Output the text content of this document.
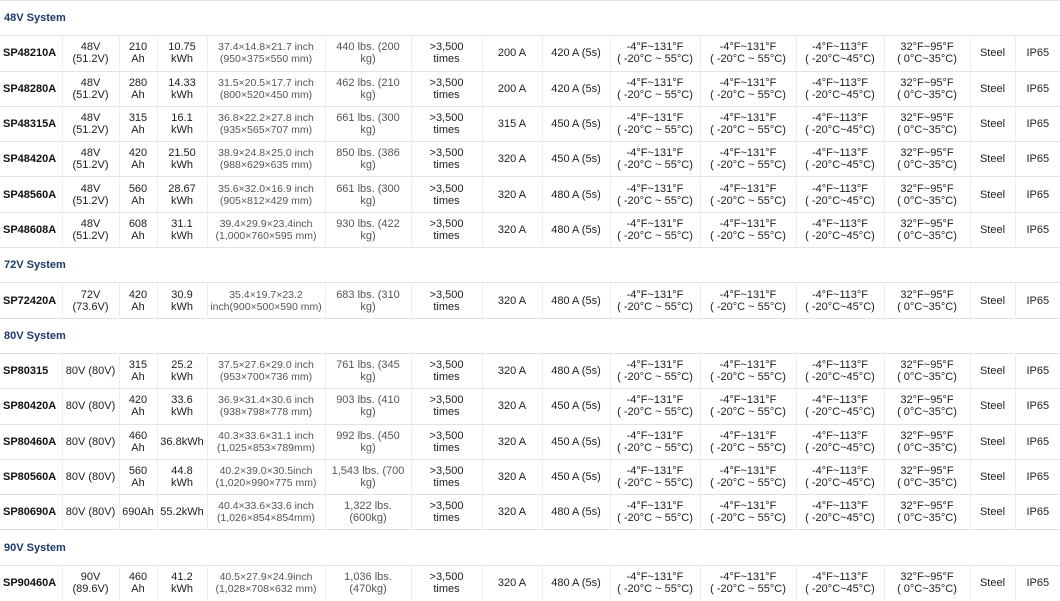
48V System														
SP48210A	48V
(51.2V)	210 Ah	10.75
kWh	37.4×14.8×21.7 inch
(950×375×550 mm)	440 lbs. (200 kg)	>3,500
times	200 A	420 A (5s)	-4°F~131°F
( -20°C ~ 55°C)	-4°F~131°F
( -20°C ~ 55°C)	-4°F~113°F
( -20°C~45°C)	32°F~95°F
( 0°C~35°C)	Steel	IP65
SP48280A	48V
(51.2V)	280 Ah	14.33
kWh	31.5×20.5×17.7 inch
(800×520×450 mm)	462 lbs. (210 kg)	>3,500
times	200 A	420 A (5s)	-4°F~131°F
( -20°C ~ 55°C)	-4°F~131°F
( -20°C ~ 55°C)	-4°F~113°F
( -20°C~45°C)	32°F~95°F
( 0°C~35°C)	Steel	IP65
SP48315A	48V
(51.2V)	315 Ah	16.1 kWh	36.8×22.2×27.8 inch
(935×565×707 mm)	661 lbs. (300 kg)	>3,500
times	315 A	450 A (5s)	-4°F~131°F
( -20°C ~ 55°C)	-4°F~131°F
( -20°C ~ 55°C)	-4°F~113°F
( -20°C~45°C)	32°F~95°F
( 0°C~35°C)	Steel	IP65
SP48420A	48V
(51.2V)	420 Ah	21.50
kWh	38.9×24.8×25.0 inch
(988×629×635 mm)	850 lbs. (386 kg)	>3,500
times	320 A	450 A (5s)	-4°F~131°F
( -20°C ~ 55°C)	-4°F~131°F
( -20°C ~ 55°C)	-4°F~113°F
( -20°C~45°C)	32°F~95°F
( 0°C~35°C)	Steel	IP65
SP48560A	48V
(51.2V)	560 Ah	28.67
kWh	35.6×32.0×16.9 inch
(905×812×429 mm)	661 lbs. (300 kg)	>3,500
times	320 A	480 A (5s)	-4°F~131°F
( -20°C ~ 55°C)	-4°F~131°F
( -20°C ~ 55°C)	-4°F~113°F
( -20°C~45°C)	32°F~95°F
( 0°C~35°C)	Steel	IP65
SP48608A	48V
(51.2V)	608 Ah	31.1 kWh	39.4×29.9×23.4inch
(1,000×760×595 mm)	930 lbs. (422 kg)	>3,500
times	320 A	480 A (5s)	-4°F~131°F
( -20°C ~ 55°C)	-4°F~131°F
( -20°C ~ 55°C)	-4°F~113°F
( -20°C~45°C)	32°F~95°F
( 0°C~35°C)	Steel	IP65
72V System														
SP72420A	72V
(73.6V)	420 Ah	30.9 kWh	35.4×19.7×23.2
inch(900×500×590 mm)	683 lbs. (310 kg)	>3,500
times	320 A	480 A (5s)	-4°F~131°F
( -20°C ~ 55°C)	-4°F~131°F
( -20°C ~ 55°C)	-4°F~113°F
( -20°C~45°C)	32°F~95°F
( 0°C~35°C)	Steel	IP65
80V System														
SP80315	80V (80V)	315 Ah	25.2 kWh	37.5×27.6×29.0 inch
(953×700×736 mm)	761 lbs. (345 kg)	>3,500
times	320 A	480 A (5s)	-4°F~131°F
( -20°C ~ 55°C)	-4°F~131°F
( -20°C ~ 55°C)	-4°F~113°F
( -20°C~45°C)	32°F~95°F
( 0°C~35°C)	Steel	IP65
SP80420A	80V (80V)	420 Ah	33.6 kWh	36.9×31.4×30.6 inch
(938×798×778 mm)	903 lbs. (410 kg)	>3,500
times	320 A	450 A (5s)	-4°F~131°F
( -20°C ~ 55°C)	-4°F~131°F
( -20°C ~ 55°C)	-4°F~113°F
( -20°C~45°C)	32°F~95°F
( 0°C~35°C)	Steel	IP65
SP80460A	80V (80V)	460 Ah	36.8kWh	40.3×33.6×31.1 inch
(1,025×853×789mm)	992 lbs. (450 kg)	>3,500
times	320 A	450 A (5s)	-4°F~131°F
( -20°C ~ 55°C)	-4°F~131°F
( -20°C ~ 55°C)	-4°F~113°F
( -20°C~45°C)	32°F~95°F
( 0°C~35°C)	Steel	IP65
SP80560A	80V (80V)	560 Ah	44.8 kWh	40.2×39.0×30.5inch
(1,020×990×775 mm)	1,543 lbs. (700
kg)	>3,500
times	320 A	450 A (5s)	-4°F~131°F
( -20°C ~ 55°C)	-4°F~131°F
( -20°C ~ 55°C)	-4°F~113°F
( -20°C~45°C)	32°F~95°F
( 0°C~35°C)	Steel	IP65
SP80690A	80V (80V)	690Ah	55.2kWh	40.4×33.6×33.6 inch
(1,026×854×854mm)	1,322 lbs. (600kg)	>3,500
times	320 A	480 A (5s)	-4°F~131°F
( -20°C ~ 55°C)	-4°F~131°F
( -20°C ~ 55°C)	-4°F~113°F
( -20°C~45°C)	32°F~95°F
( 0°C~35°C)	Steel	IP65
90V System														
SP90460A	90V
(89.6V)	460 Ah	41.2 kWh	40.5×27.9×24.9inch
(1,028×708×632 mm)	1,036 lbs. (470kg)	>3,500
times	320 A	480 A (5s)	-4°F~131°F
( -20°C ~ 55°C)	-4°F~131°F
( -20°C ~ 55°C)	-4°F~113°F
( -20°C~45°C)	32°F~95°F
( 0°C~35°C)	Steel	IP65
